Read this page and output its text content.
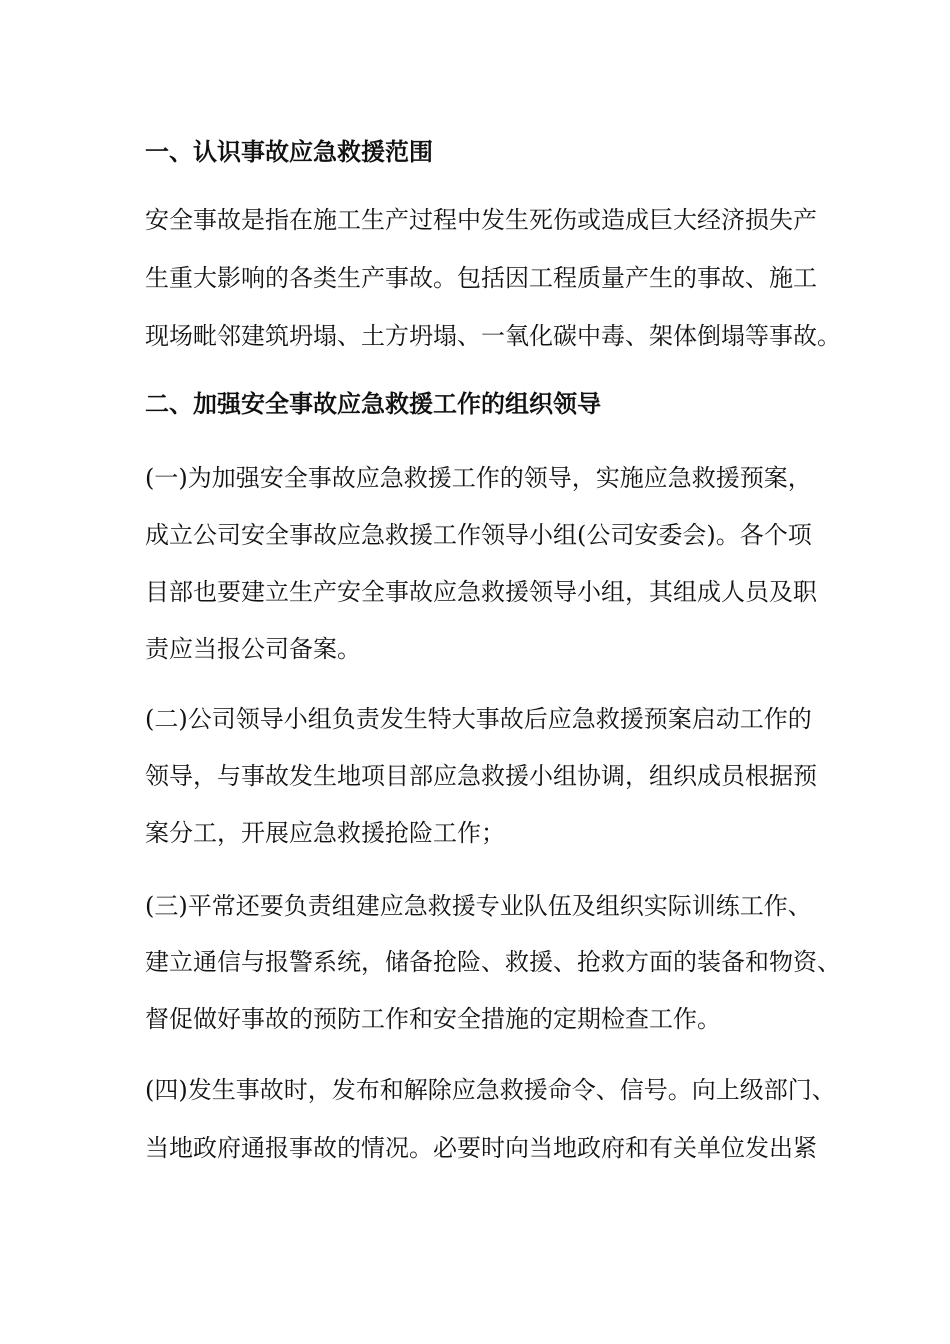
一、认识事故应急救援范围
安全事故是指在施工生产过程中发生死伤或造成巨大经济损失产
生重大影响的各类生产事故。包括因工程质量产生的事故、施工
现场毗邻建筑坍塌、土方坍塌、一氧化碳中毒、架体倒塌等事故。
二、加强安全事故应急救援工作的组织领导
(一)为加强安全事故应急救援工作的领导，实施应急救援预案，
成立公司安全事故应急救援工作领导小组(公司安委会)。各个项
目部也要建立生产安全事故应急救援领导小组，其组成人员及职
责应当报公司备案。
(二)公司领导小组负责发生特大事故后应急救援预案启动工作的
领导，与事故发生地项目部应急救援小组协调，组织成员根据预
案分工，开展应急救援抢险工作；
(三)平常还要负责组建应急救援专业队伍及组织实际训练工作、
建立通信与报警系统，储备抢险、救援、抢救方面的装备和物资、
督促做好事故的预防工作和安全措施的定期检查工作。
(四)发生事故时，发布和解除应急救援命令、信号。向上级部门、
当地政府通报事故的情况。必要时向当地政府和有关单位发出紧
